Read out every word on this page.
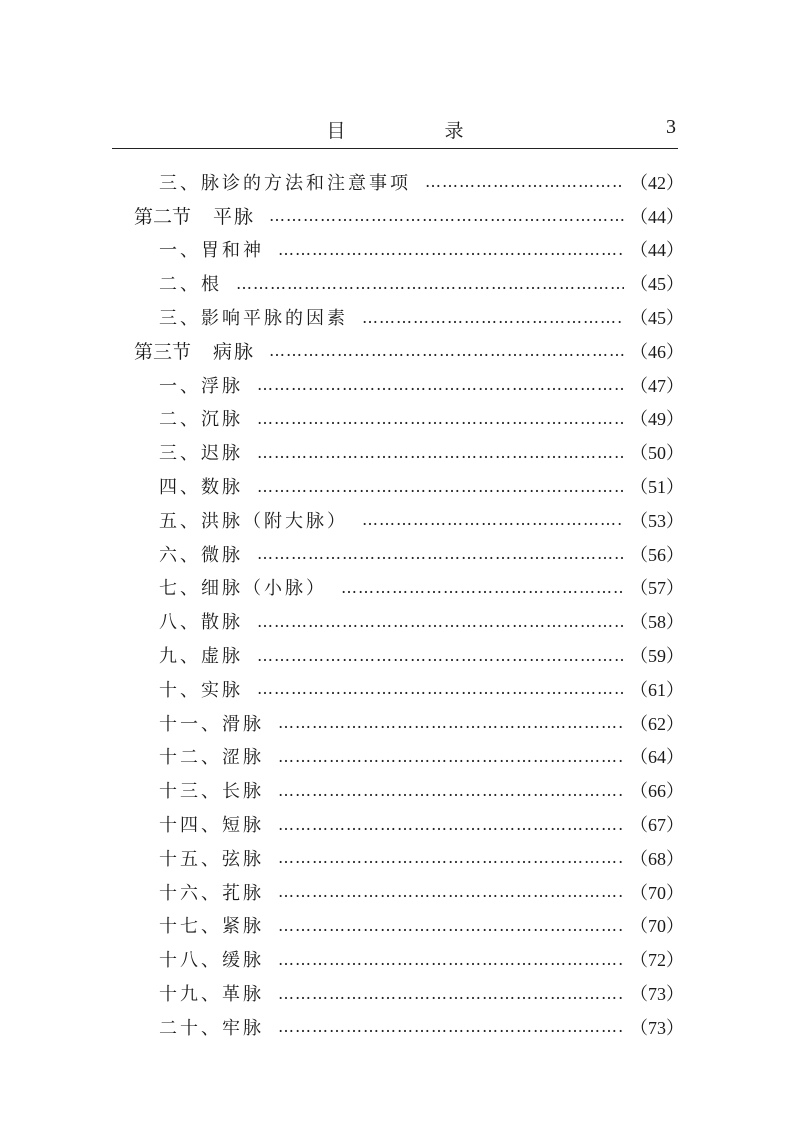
目　录	3
三、脉诊的方法和注意事项 ……………………………………………………………………………………………………………………………………………	（42）
第二节 平脉 ……………………………………………………………………………………………………………………………………………	（44）
一、胃和神 ……………………………………………………………………………………………………………………………………………	（44）
二、根 ……………………………………………………………………………………………………………………………………………	（45）
三、影响平脉的因素 ……………………………………………………………………………………………………………………………………………	（45）
第三节 病脉 ……………………………………………………………………………………………………………………………………………	（46）
一、浮脉 ……………………………………………………………………………………………………………………………………………	（47）
二、沉脉 ……………………………………………………………………………………………………………………………………………	（49）
三、迟脉 ……………………………………………………………………………………………………………………………………………	（50）
四、数脉 ……………………………………………………………………………………………………………………………………………	（51）
五、洪脉（附大脉） ……………………………………………………………………………………………………………………………………………	（53）
六、微脉 ……………………………………………………………………………………………………………………………………………	（56）
七、细脉（小脉） ……………………………………………………………………………………………………………………………………………	（57）
八、散脉 ……………………………………………………………………………………………………………………………………………	（58）
九、虚脉 ……………………………………………………………………………………………………………………………………………	（59）
十、实脉 ……………………………………………………………………………………………………………………………………………	（61）
十一、滑脉 ……………………………………………………………………………………………………………………………………………	（62）
十二、涩脉 ……………………………………………………………………………………………………………………………………………	（64）
十三、长脉 ……………………………………………………………………………………………………………………………………………	（66）
十四、短脉 ……………………………………………………………………………………………………………………………………………	（67）
十五、弦脉 ……………………………………………………………………………………………………………………………………………	（68）
十六、芤脉 ……………………………………………………………………………………………………………………………………………	（70）
十七、紧脉 ……………………………………………………………………………………………………………………………………………	（70）
十八、缓脉 ……………………………………………………………………………………………………………………………………………	（72）
十九、革脉 ……………………………………………………………………………………………………………………………………………	（73）
二十、牢脉 ……………………………………………………………………………………………………………………………………………	（73）
